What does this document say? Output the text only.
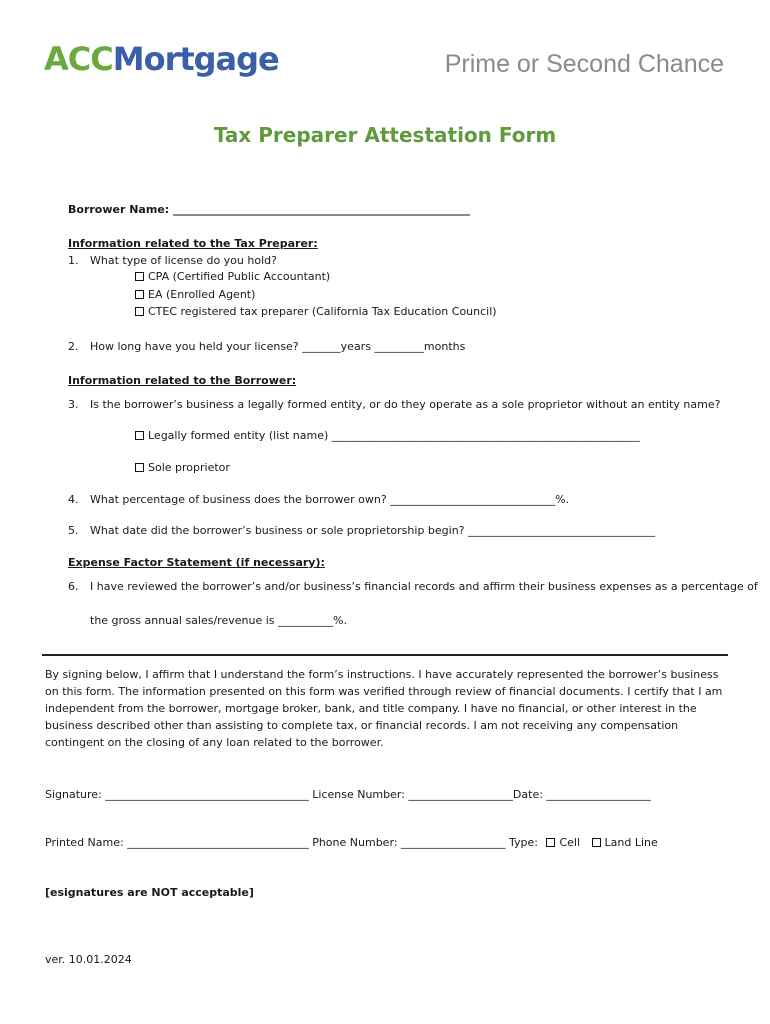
ACCMortgage	Prime or Second Chance
Tax Preparer Attestation Form
Borrower Name: ______________________________________________________
Information related to the Tax Preparer:
1. What type of license do you hold?
CPA (Certified Public Accountant)
EA (Enrolled Agent)
CTEC registered tax preparer (California Tax Education Council)
2. How long have you held your license? _______years _________months
Information related to the Borrower:
3. Is the borrower’s business a legally formed entity, or do they operate as a sole proprietor without an entity name?
Legally formed entity (list name) ________________________________________________________
Sole proprietor
4. What percentage of business does the borrower own? ______________________________%.
5. What date did the borrower’s business or sole proprietorship begin? __________________________________
Expense Factor Statement (if necessary):
6. I have reviewed the borrower’s and/or business’s financial records and affirm their business expenses as a percentage of
the gross annual sales/revenue is __________%.
By signing below, I affirm that I understand the form’s instructions. I have accurately represented the borrower’s business on this form. The information presented on this form was verified through review of financial documents. I certify that I am independent from the borrower, mortgage broker, bank, and title company. I have no financial, or other interest in the business described other than assisting to complete tax, or financial records. I am not receiving any compensation contingent on the closing of any loan related to the borrower.
Signature: _____________________________________ License Number: ___________________Date: ___________________
Printed Name: _________________________________ Phone Number: ___________________ Type: Cell Land Line
[esignatures are NOT acceptable]
ver. 10.01.2024
